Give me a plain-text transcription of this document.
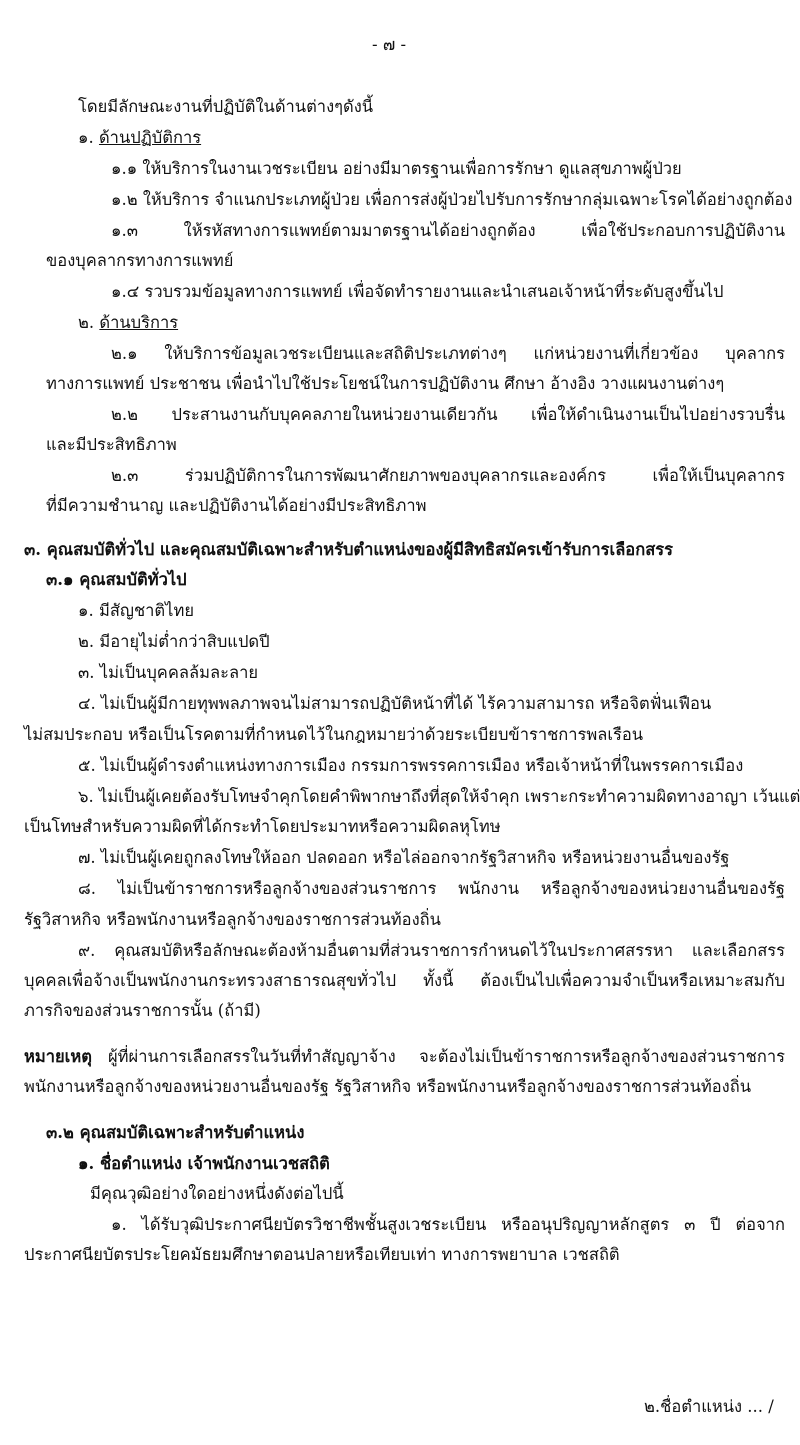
- ๗ -
โดยมีลักษณะงานที่ปฏิบัติในด้านต่างๆดังนี้
๑. ด้านปฏิบัติการ
๑.๑ ให้บริการในงานเวชระเบียน อย่างมีมาตรฐานเพื่อการรักษา ดูแลสุขภาพผู้ป่วย
๑.๒ ให้บริการ จำแนกประเภทผู้ป่วย เพื่อการส่งผู้ป่วยไปรับการรักษากลุ่มเฉพาะโรคได้อย่างถูกต้อง
๑.๓ ให้รหัสทางการแพทย์ตามมาตรฐานได้อย่างถูกต้อง เพื่อใช้ประกอบการปฏิบัติงาน
ของบุคลากรทางการแพทย์
๑.๔ รวบรวมข้อมูลทางการแพทย์ เพื่อจัดทำรายงานและนำเสนอเจ้าหน้าที่ระดับสูงขึ้นไป
๒. ด้านบริการ
๒.๑ ให้บริการข้อมูลเวชระเบียนและสถิติประเภทต่างๆ แก่หน่วยงานที่เกี่ยวข้อง บุคลากร
ทางการแพทย์ ประชาชน เพื่อนำไปใช้ประโยชน์ในการปฏิบัติงาน ศึกษา อ้างอิง วางแผนงานต่างๆ
๒.๒ ประสานงานกับบุคคลภายในหน่วยงานเดียวกัน เพื่อให้ดำเนินงานเป็นไปอย่างรวบรื่น
และมีประสิทธิภาพ
๒.๓ ร่วมปฏิบัติการในการพัฒนาศักยภาพของบุคลากรและองค์กร เพื่อให้เป็นบุคลากร
ที่มีความชำนาญ และปฏิบัติงานได้อย่างมีประสิทธิภาพ
๓. คุณสมบัติทั่วไป และคุณสมบัติเฉพาะสำหรับตำแหน่งของผู้มีสิทธิสมัครเข้ารับการเลือกสรร
๓.๑ คุณสมบัติทั่วไป
๑. มีสัญชาติไทย
๒. มีอายุไม่ต่ำกว่าสิบแปดปี
๓. ไม่เป็นบุคคลล้มละลาย
๔. ไม่เป็นผู้มีกายทุพพลภาพจนไม่สามารถปฏิบัติหน้าที่ได้ ไร้ความสามารถ หรือจิตฟั่นเฟือน
ไม่สมประกอบ หรือเป็นโรคตามที่กำหนดไว้ในกฎหมายว่าด้วยระเบียบข้าราชการพลเรือน
๕. ไม่เป็นผู้ดำรงตำแหน่งทางการเมือง กรรมการพรรคการเมือง หรือเจ้าหน้าที่ในพรรคการเมือง
๖. ไม่เป็นผู้เคยต้องรับโทษจำคุกโดยคำพิพากษาถึงที่สุดให้จำคุก เพราะกระทำความผิดทางอาญา เว้นแต่
เป็นโทษสำหรับความผิดที่ได้กระทำโดยประมาทหรือความผิดลหุโทษ
๗. ไม่เป็นผู้เคยถูกลงโทษให้ออก ปลดออก หรือไล่ออกจากรัฐวิสาหกิจ หรือหน่วยงานอื่นของรัฐ
๘. ไม่เป็นข้าราชการหรือลูกจ้างของส่วนราชการ พนักงาน หรือลูกจ้างของหน่วยงานอื่นของรัฐ
รัฐวิสาหกิจ หรือพนักงานหรือลูกจ้างของราชการส่วนท้องถิ่น
๙. คุณสมบัติหรือลักษณะต้องห้ามอื่นตามที่ส่วนราชการกำหนดไว้ในประกาศสรรหา และเลือกสรร
บุคคลเพื่อจ้างเป็นพนักงานกระทรวงสาธารณสุขทั่วไป ทั้งนี้ ต้องเป็นไปเพื่อความจำเป็นหรือเหมาะสมกับ
ภารกิจของส่วนราชการนั้น (ถ้ามี)
หมายเหตุ ผู้ที่ผ่านการเลือกสรรในวันที่ทำสัญญาจ้าง จะต้องไม่เป็นข้าราชการหรือลูกจ้างของส่วนราชการ
พนักงานหรือลูกจ้างของหน่วยงานอื่นของรัฐ รัฐวิสาหกิจ หรือพนักงานหรือลูกจ้างของราชการส่วนท้องถิ่น
๓.๒ คุณสมบัติเฉพาะสำหรับตำแหน่ง
๑. ชื่อตำแหน่ง เจ้าพนักงานเวชสถิติ
มีคุณวุฒิอย่างใดอย่างหนึ่งดังต่อไปนี้
๑. ได้รับวุฒิประกาศนียบัตรวิชาชีพชั้นสูงเวชระเบียน หรืออนุปริญญาหลักสูตร ๓ ปี ต่อจาก
ประกาศนียบัตรประโยคมัธยมศึกษาตอนปลายหรือเทียบเท่า ทางการพยาบาล เวชสถิติ
๒.ชื่อตำแหน่ง ... /
